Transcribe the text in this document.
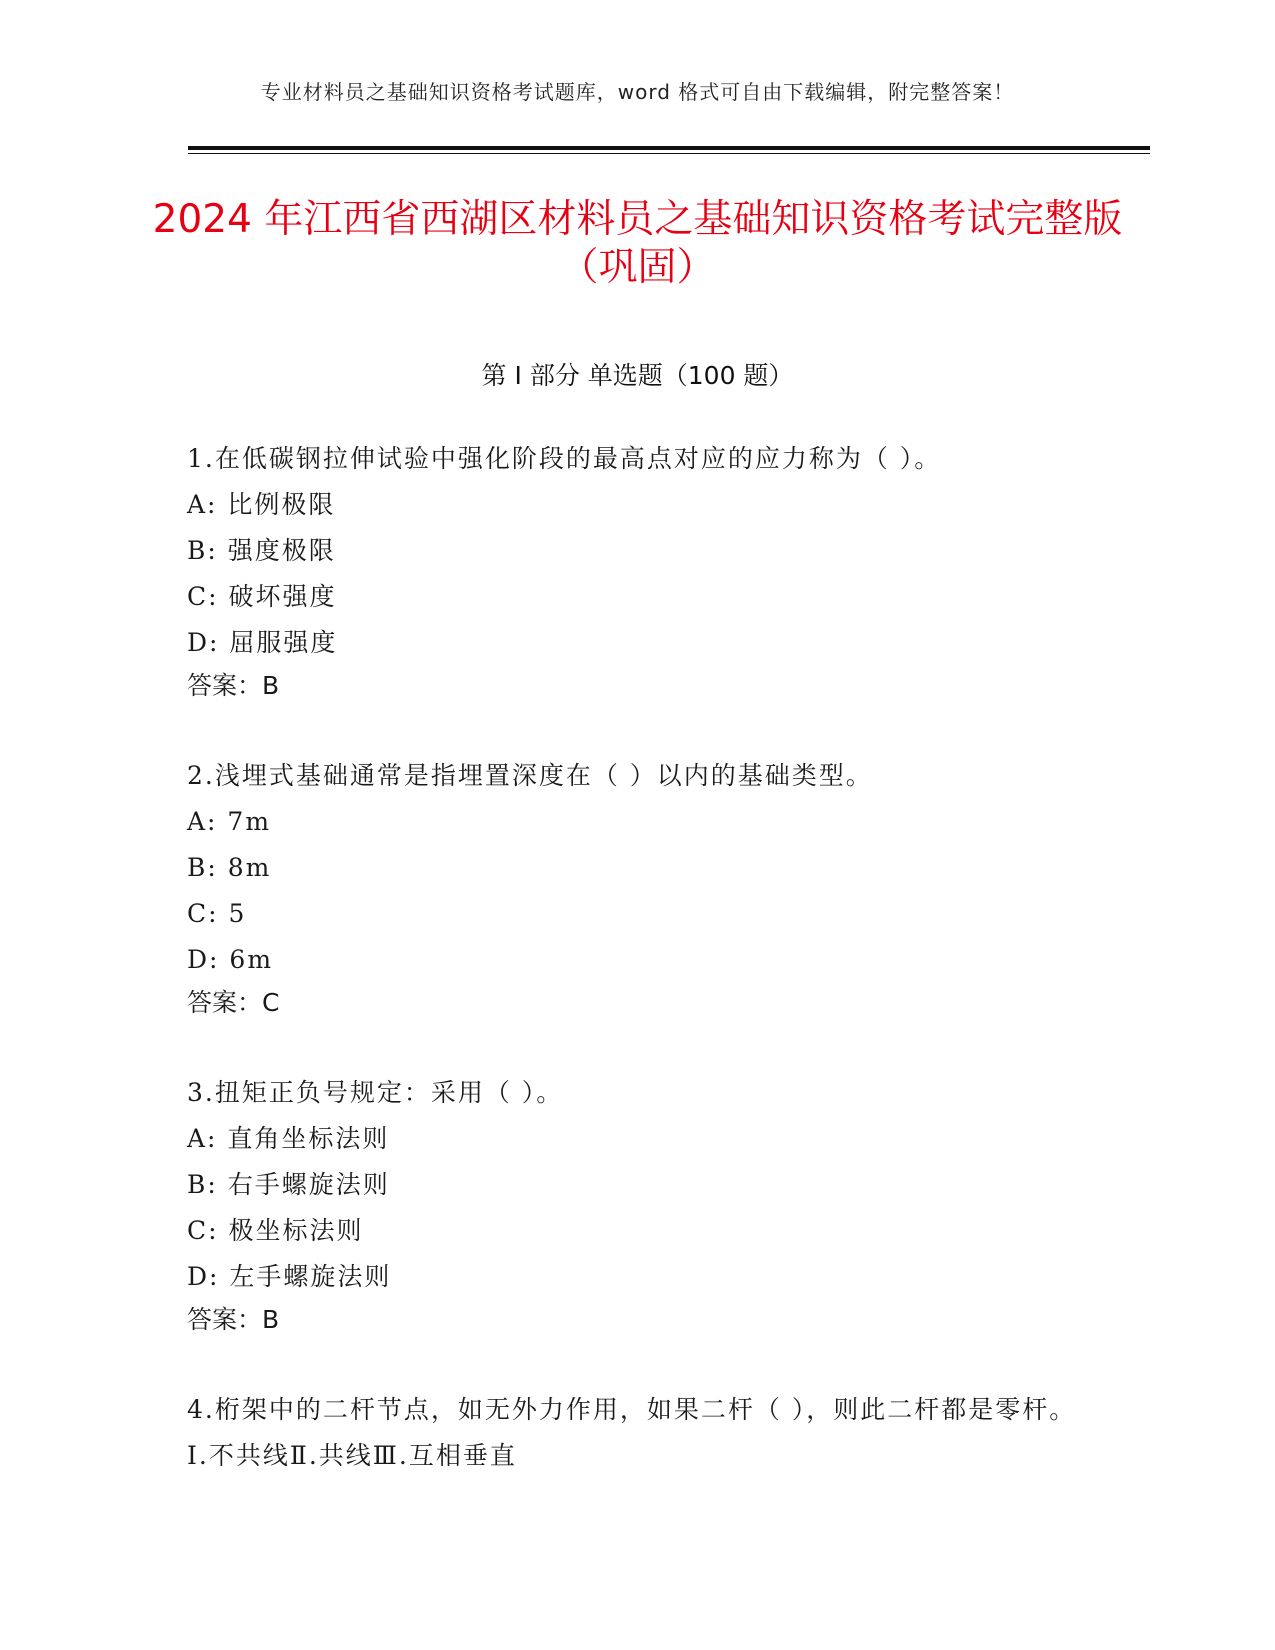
专业材料员之基础知识资格考试题库，word 格式可自由下载编辑，附完整答案！
2024 年江西省西湖区材料员之基础知识资格考试完整版（巩固）
第 I 部分 单选题（100 题）

1.在低碳钢拉伸试验中强化阶段的最高点对应的应力称为（ ）。

A: 比例极限

B: 强度极限

C: 破坏强度

D: 屈服强度

答案：B

2.浅埋式基础通常是指埋置深度在（ ）以内的基础类型。

A: 7m

B: 8m

C: 5

D: 6m

答案：C

3.扭矩正负号规定：采用（ ）。

A: 直角坐标法则

B: 右手螺旋法则

C: 极坐标法则

D: 左手螺旋法则

答案：B

4.桁架中的二杆节点，如无外力作用，如果二杆（ ），则此二杆都是零杆。I.不共线Ⅱ.共线Ⅲ.互相垂直
